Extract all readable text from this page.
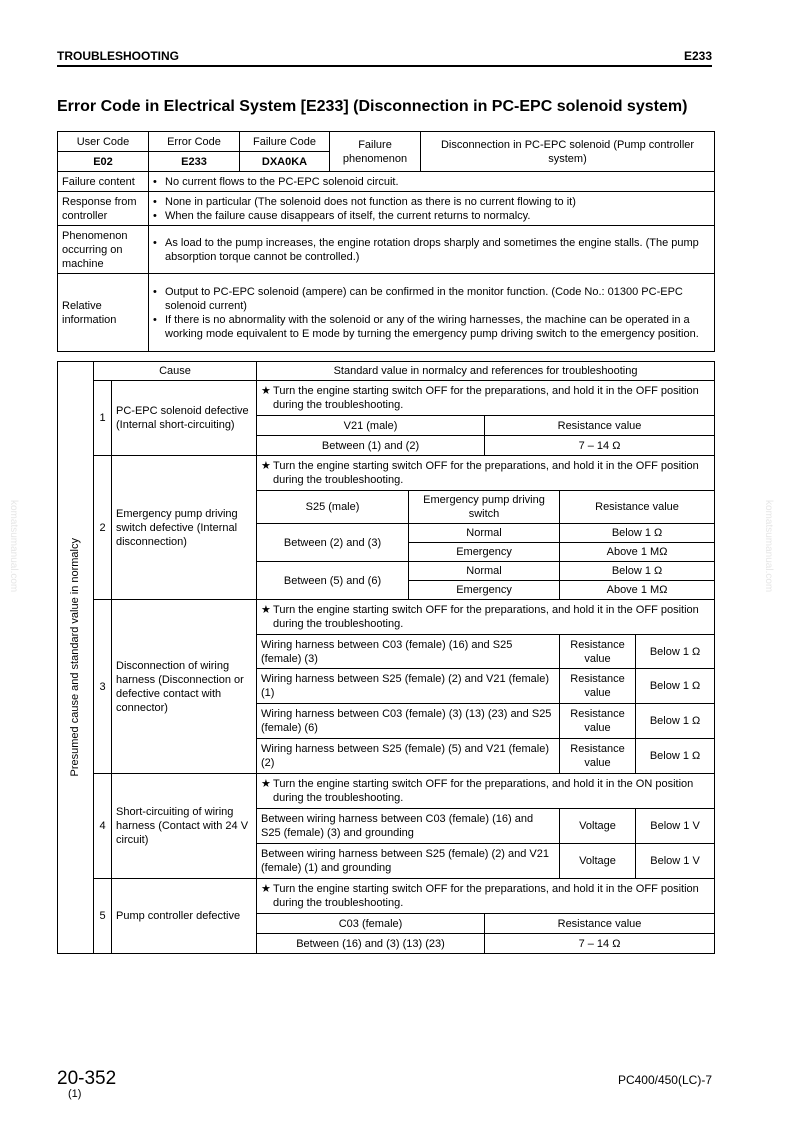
TROUBLESHOOTING	E233
Error Code in Electrical System [E233] (Disconnection in PC-EPC solenoid system)
komatsumanual.com	komatsumanual.com
User Code	Error Code	Failure Code	Failure phenomenon	Disconnection in PC-EPC solenoid (Pump controller system)
E02	E233	DXA0KA		
Failure content	• No current flows to the PC-EPC solenoid circuit.			

Response from controller	• None in particular (The solenoid does not function as there is no current flowing to it)
• When the failure cause disappears of itself, the current returns to normalcy.			

Phenomenon occurring on machine	• As load to the pump increases, the engine rotation drops sharply and sometimes the engine stalls. (The pump absorption torque cannot be controlled.)			

Relative information	• Output to PC-EPC solenoid (ampere) can be confirmed in the monitor function. (Code No.: 01300 PC-EPC solenoid current)
• If there is no abnormality with the solenoid or any of the wiring harnesses, the machine can be operated in a working mode equivalent to E mode by turning the emergency pump driving switch to the emergency position.			
Presumed cause and standard value in normalcy	Cause		Standard value in normalcy and references for troubleshooting				
	1	PC-EPC solenoid defective (Internal short-circuiting)	★ Turn the engine starting switch OFF for the preparations, and hold it in the OFF position during the troubleshooting.				

			V21 (male)		Resistance value		
			Between (1) and (2)		7 – 14 Ω		
	2	Emergency pump driving switch defective (Internal disconnection)	★ Turn the engine starting switch OFF for the preparations, and hold it in the OFF position during the troubleshooting.				

			S25 (male)	Emergency pump driving switch		Resistance value	
			Between (2) and (3)	Normal		Below 1 Ω	
				Emergency		Above 1 MΩ	
			Between (5) and (6)	Normal		Below 1 Ω	
				Emergency		Above 1 MΩ	
	3	Disconnection of wiring harness (Disconnection or defective contact with connector)	★ Turn the engine starting switch OFF for the preparations, and hold it in the OFF position during the troubleshooting.				

			Wiring harness between C03 (female) (16) and S25 (female) (3)			Resistance value	Below 1 Ω
			Wiring harness between S25 (female) (2) and V21 (female) (1)			Resistance value	Below 1 Ω
			Wiring harness between C03 (female) (3) (13) (23) and S25 (female) (6)			Resistance value	Below 1 Ω
			Wiring harness between S25 (female) (5) and V21 (female) (2)			Resistance value	Below 1 Ω
	4	Short-circuiting of wiring harness (Contact with 24 V circuit)	★ Turn the engine starting switch OFF for the preparations, and hold it in the ON position during the troubleshooting.				

			Between wiring harness between C03 (female) (16) and S25 (female) (3) and grounding			Voltage	Below 1 V
			Between wiring harness between S25 (female) (2) and V21 (female) (1) and grounding			Voltage	Below 1 V
	5	Pump controller defective	★ Turn the engine starting switch OFF for the preparations, and hold it in the OFF position during the troubleshooting.				

			C03 (female)		Resistance value		
			Between (16) and (3) (13) (23)		7 – 14 Ω		
20-352
(1)
PC400/450(LC)-7
